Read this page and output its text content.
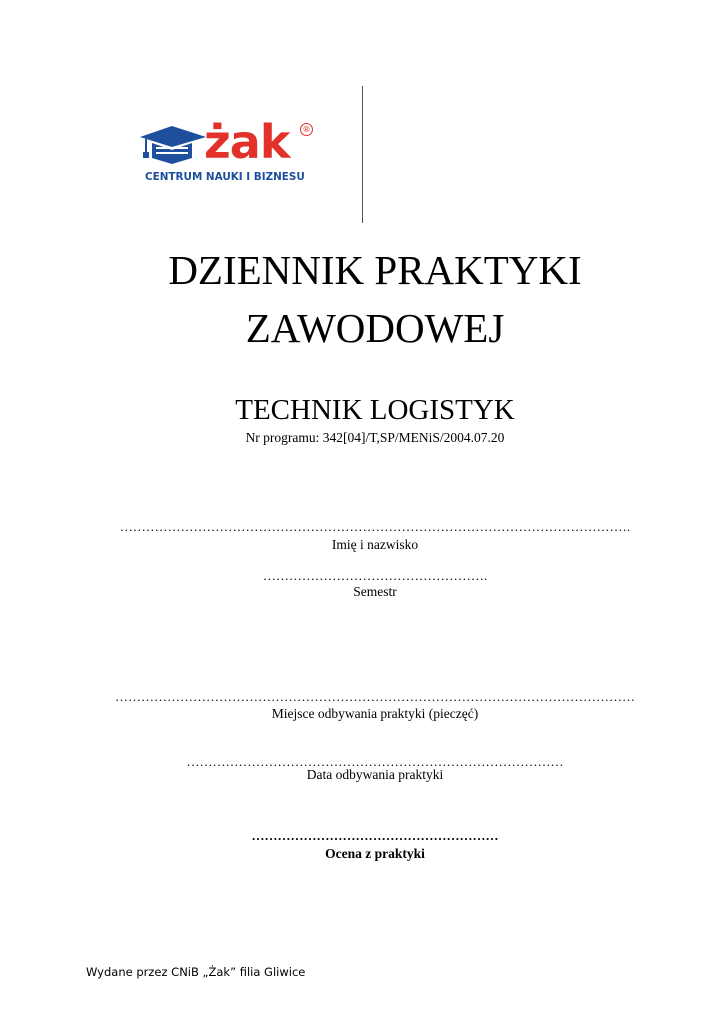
żak	®
CENTRUM NAUKI I BIZNESU
DZIENNIK PRAKTYKI
ZAWODOWEJ
TECHNIK LOGISTYK
Nr programu: 342[04]/T,SP/MENiS/2004.07.20
……………………………………………………………………………………………………….
Imię i nazwisko
…………………………………………….
Semestr
…………………………………………………………………………………………………………
Miejsce odbywania praktyki (pieczęć)
……………………………………………………………………………
Data odbywania praktyki
…………………………………………………
Ocena z praktyki
Wydane przez CNiB „Żak” filia Gliwice
